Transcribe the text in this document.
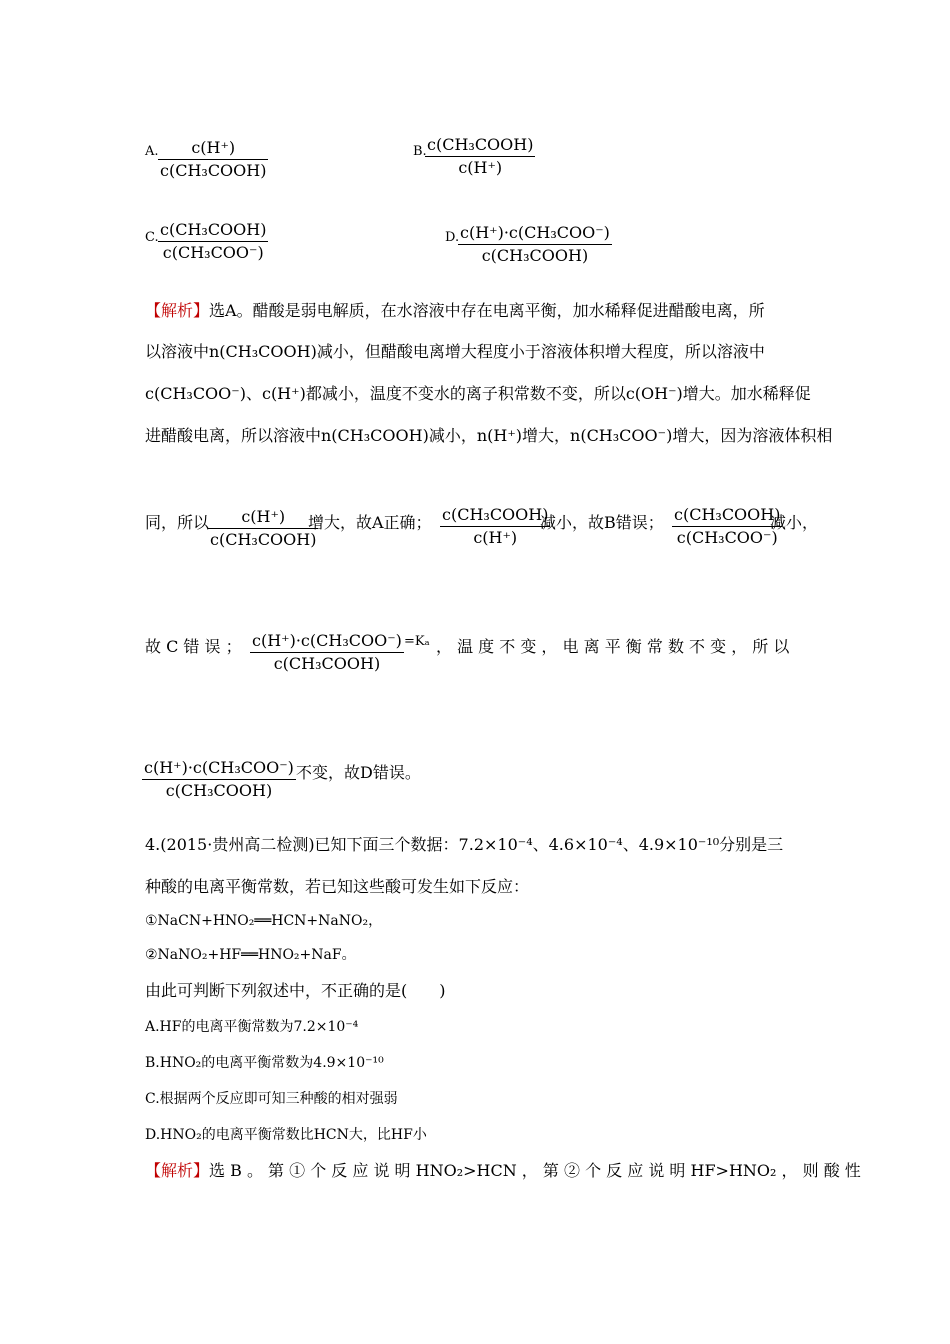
A.	c(H⁺)
c(CH₃COOH)
B. c(CH₃COOH)
c(H⁺)
C. c(CH₃COOH)
c(CH₃COO⁻)
D. c(H⁺)·c(CH₃COO⁻)
c(CH₃COOH)
【解析】选A。醋酸是弱电解质，在水溶液中存在电离平衡，加水稀释促进醋酸电离，所
以溶液中n(CH₃COOH)减小，但醋酸电离增大程度小于溶液体积增大程度，所以溶液中
c(CH₃COO⁻)、c(H⁺)都减小，温度不变水的离子积常数不变，所以c(OH⁻)增大。加水稀释促
进醋酸电离，所以溶液中n(CH₃COOH)减小，n(H⁺)增大，n(CH₃COO⁻)增大，因为溶液体积相
同，所以	c(H⁺)
c(CH₃COOH)
增大，故A正确； c(CH₃COOH)
c(H⁺)
减小，故B错误； c(CH₃COOH)
c(CH₃COO⁻)
减小，
故 C 错 误 ； c(H⁺)·c(CH₃COO⁻)
c(CH₃COOH)
=Kₐ ， 温 度 不 变 ， 电 离 平 衡 常 数 不 变 ， 所 以
c(H⁺)·c(CH₃COO⁻)
c(CH₃COOH)
不变，故D错误。
4.(2015·贵州高二检测)已知下面三个数据：7.2×10⁻⁴、4.6×10⁻⁴、4.9×10⁻¹⁰分别是三
种酸的电离平衡常数，若已知这些酸可发生如下反应：
①NaCN+HNO₂══HCN+NaNO₂，
②NaNO₂+HF══HNO₂+NaF。
由此可判断下列叙述中，不正确的是(　　)
A.HF的电离平衡常数为7.2×10⁻⁴
B.HNO₂的电离平衡常数为4.9×10⁻¹⁰
C.根据两个反应即可知三种酸的相对强弱
D.HNO₂的电离平衡常数比HCN大，比HF小
【解析】选 B 。 第 ① 个 反 应 说 明 HNO₂>HCN ， 第 ② 个 反 应 说 明 HF>HNO₂ ， 则 酸 性
